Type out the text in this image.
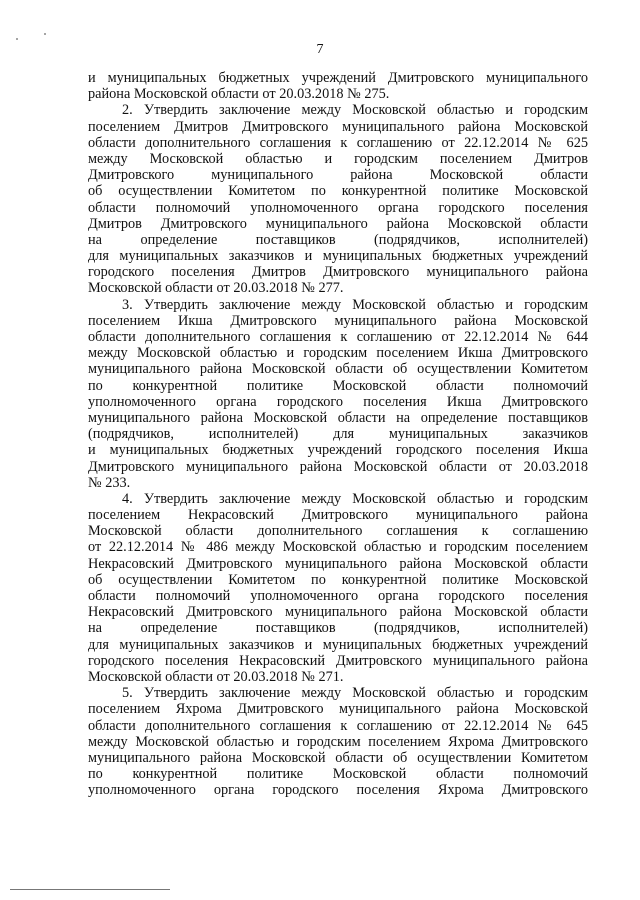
7
и муниципальных бюджетных учреждений Дмитровского муниципального
района Московской области от 20.03.2018 № 275.
2. Утвердить заключение между Московской областью и городским
поселением Дмитров Дмитровского муниципального района Московской
области дополнительного соглашения к соглашению от 22.12.2014 № 625
между Московской областью и городским поселением Дмитров
Дмитровского муниципального района Московской области
об осуществлении Комитетом по конкурентной политике Московской
области полномочий уполномоченного органа городского поселения
Дмитров Дмитровского муниципального района Московской области
на определение поставщиков (подрядчиков, исполнителей)
для муниципальных заказчиков и муниципальных бюджетных учреждений
городского поселения Дмитров Дмитровского муниципального района
Московской области от 20.03.2018 № 277.
3. Утвердить заключение между Московской областью и городским
поселением Икша Дмитровского муниципального района Московской
области дополнительного соглашения к соглашению от 22.12.2014 № 644
между Московской областью и городским поселением Икша Дмитровского
муниципального района Московской области об осуществлении Комитетом
по конкурентной политике Московской области полномочий
уполномоченного органа городского поселения Икша Дмитровского
муниципального района Московской области на определение поставщиков
(подрядчиков, исполнителей) для муниципальных заказчиков
и муниципальных бюджетных учреждений городского поселения Икша
Дмитровского муниципального района Московской области от 20.03.2018
№ 233.
4. Утвердить заключение между Московской областью и городским
поселением Некрасовский Дмитровского муниципального района
Московской области дополнительного соглашения к соглашению
от 22.12.2014 № 486 между Московской областью и городским поселением
Некрасовский Дмитровского муниципального района Московской области
об осуществлении Комитетом по конкурентной политике Московской
области полномочий уполномоченного органа городского поселения
Некрасовский Дмитровского муниципального района Московской области
на определение поставщиков (подрядчиков, исполнителей)
для муниципальных заказчиков и муниципальных бюджетных учреждений
городского поселения Некрасовский Дмитровского муниципального района
Московской области от 20.03.2018 № 271.
5. Утвердить заключение между Московской областью и городским
поселением Яхрома Дмитровского муниципального района Московской
области дополнительного соглашения к соглашению от 22.12.2014 № 645
между Московской областью и городским поселением Яхрома Дмитровского
муниципального района Московской области об осуществлении Комитетом
по конкурентной политике Московской области полномочий
уполномоченного органа городского поселения Яхрома Дмитровского
